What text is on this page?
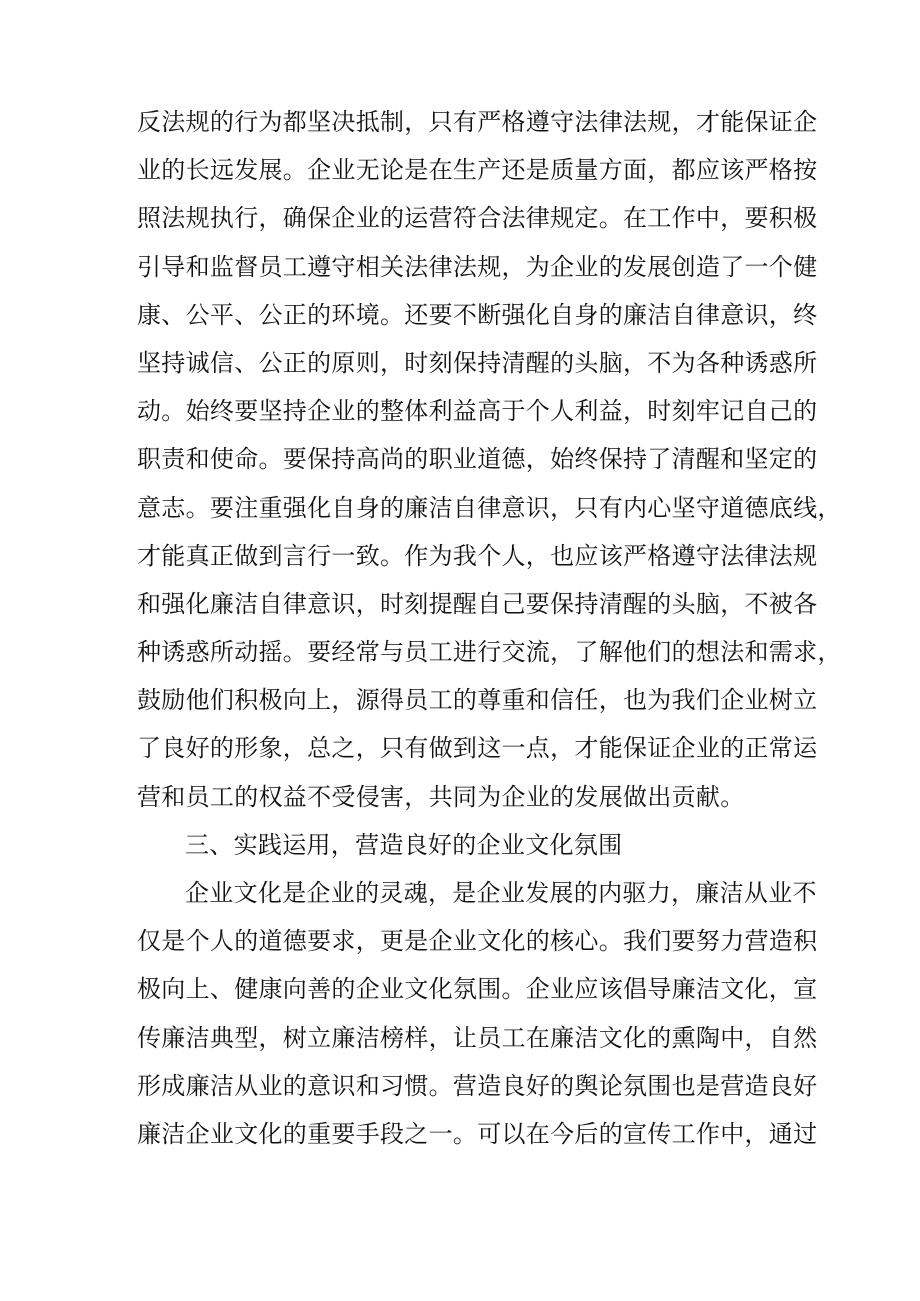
反法规的行为都坚决抵制，只有严格遵守法律法规，才能保证企
业的长远发展。企业无论是在生产还是质量方面，都应该严格按
照法规执行，确保企业的运营符合法律规定。在工作中，要积极
引导和监督员工遵守相关法律法规，为企业的发展创造了一个健
康、公平、公正的环境。还要不断强化自身的廉洁自律意识，终
坚持诚信、公正的原则，时刻保持清醒的头脑，不为各种诱惑所
动。始终要坚持企业的整体利益高于个人利益，时刻牢记自己的
职责和使命。要保持高尚的职业道德，始终保持了清醒和坚定的
意志。要注重强化自身的廉洁自律意识，只有内心坚守道德底线，
才能真正做到言行一致。作为我个人，也应该严格遵守法律法规
和强化廉洁自律意识，时刻提醒自己要保持清醒的头脑，不被各
种诱惑所动摇。要经常与员工进行交流，了解他们的想法和需求，
鼓励他们积极向上，源得员工的尊重和信任，也为我们企业树立
了良好的形象，总之，只有做到这一点，才能保证企业的正常运
营和员工的权益不受侵害，共同为企业的发展做出贡献。
三、实践运用，营造良好的企业文化氛围
企业文化是企业的灵魂，是企业发展的内驱力，廉洁从业不
仅是个人的道德要求，更是企业文化的核心。我们要努力营造积
极向上、健康向善的企业文化氛围。企业应该倡导廉洁文化，宣
传廉洁典型，树立廉洁榜样，让员工在廉洁文化的熏陶中，自然
形成廉洁从业的意识和习惯。营造良好的舆论氛围也是营造良好
廉洁企业文化的重要手段之一。可以在今后的宣传工作中，通过
